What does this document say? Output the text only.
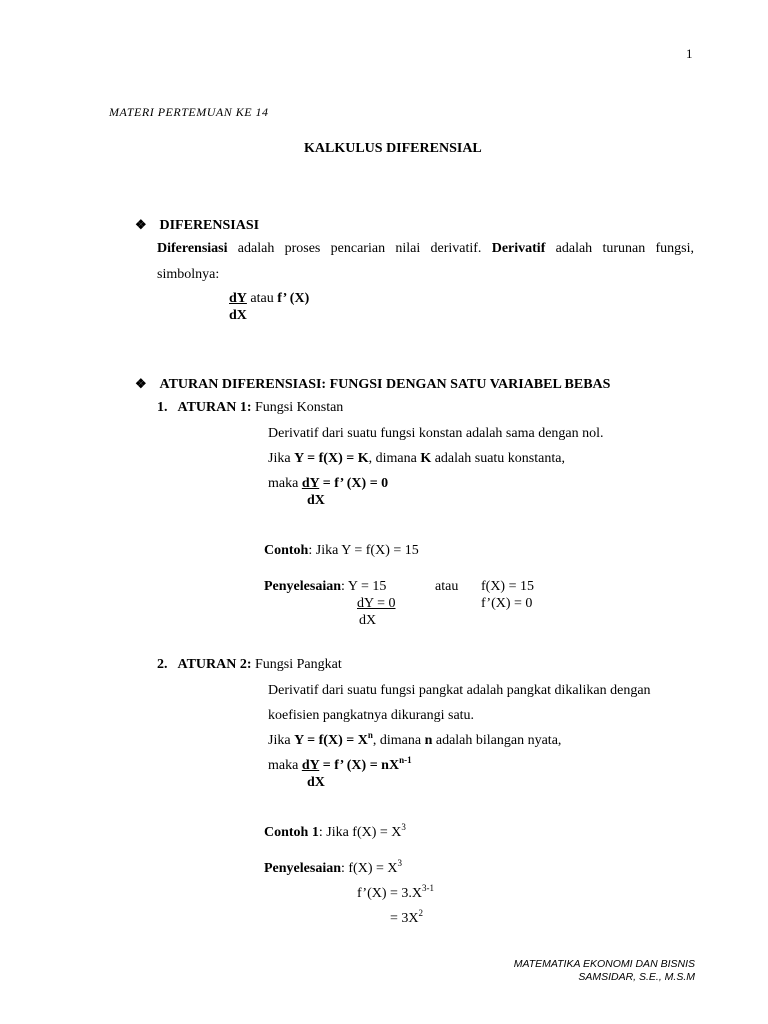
1
MATERI PERTEMUAN KE 14
KALKULUS DIFERENSIAL
❖ DIFERENSIASI
Diferensiasi adalah proses pencarian nilai derivatif. Derivatif adalah turunan fungsi,
simbolnya:
dY atau f’ (X)
dX
❖ ATURAN DIFERENSIASI: FUNGSI DENGAN SATU VARIABEL BEBAS
1. ATURAN 1: Fungsi Konstan
Derivatif dari suatu fungsi konstan adalah sama dengan nol.
Jika Y = f(X) = K, dimana K adalah suatu konstanta,
maka dY = f’ (X) = 0
dX
Contoh: Jika Y = f(X) = 15
Penyelesaian: Y = 15	atau f(X) = 15
dY = 0	f’(X) = 0
dX
2. ATURAN 2: Fungsi Pangkat
Derivatif dari suatu fungsi pangkat adalah pangkat dikalikan dengan
koefisien pangkatnya dikurangi satu.
Jika $Y = f(X) = X^n$, dimana n adalah bilangan nyata,
maka dY = f’ $(X) = nX^{n-1}$
dX
Contoh 1: Jika $f(X) = X^3$
Penyelesaian: $f(X) = X^3$
f’(X) = $3.X^{3-1}$
= $3X^2$
MATEMATIKA EKONOMI DAN BISNIS
SAMSIDAR, S.E., M.S.M
